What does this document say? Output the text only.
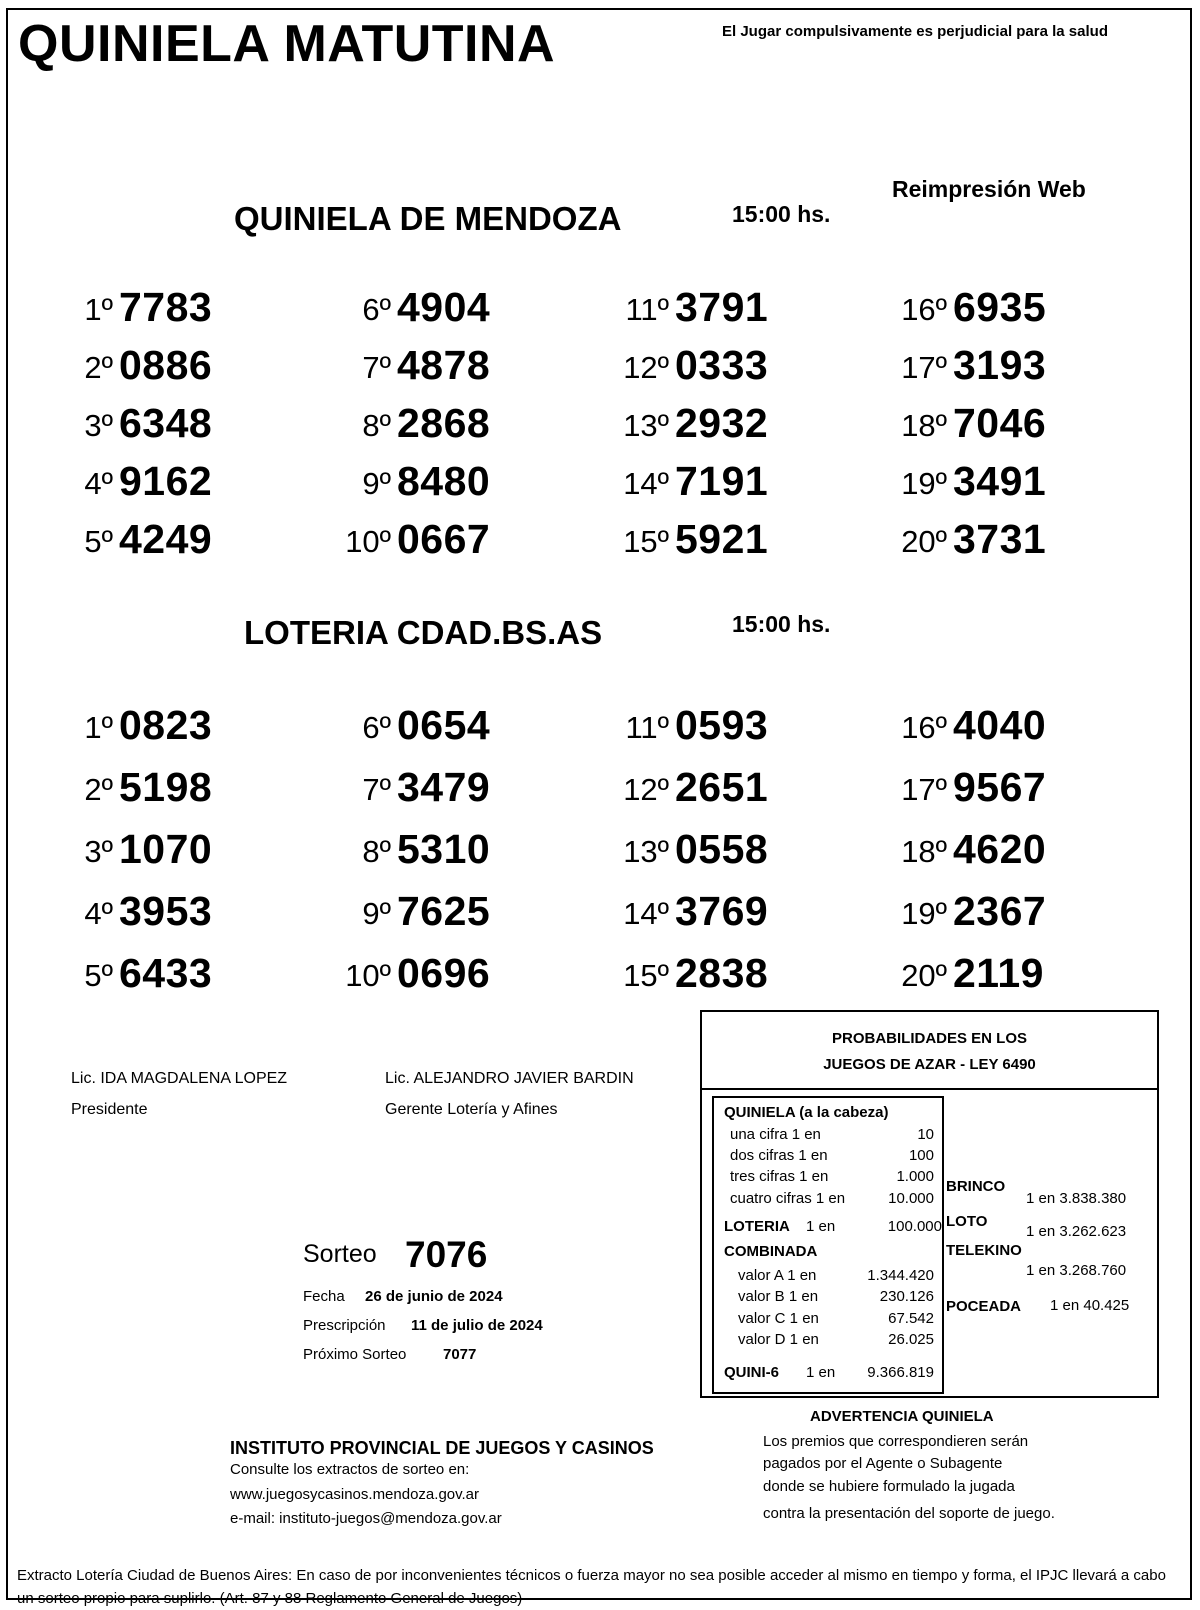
QUINIELA MATUTINA	El Jugar compulsivamente es perjudicial para la salud
Reimpresión Web
QUINIELA DE MENDOZA	15:00 hs.
1º 7783
2º 0886
3º 6348
4º 9162
5º 4249
6º 4904
7º 4878
8º 2868
9º 8480
10º 0667
11º 3791
12º 0333
13º 2932
14º 7191
15º 5921
16º 6935
17º 3193
18º 7046
19º 3491
20º 3731
LOTERIA CDAD.BS.AS	15:00 hs.
1º 0823
2º 5198
3º 1070
4º 3953
5º 6433
6º 0654
7º 3479
8º 5310
9º 7625
10º 0696
11º 0593
12º 2651
13º 0558
14º 3769
15º 2838
16º 4040
17º 9567
18º 4620
19º 2367
20º 2119
Lic. IDA MAGDALENA LOPEZ
Presidente
Lic. ALEJANDRO JAVIER BARDIN
Gerente Lotería y Afines
Sorteo 7076
Fecha 26 de junio de 2024
Prescripción 11 de julio de 2024
Próximo Sorteo 7077
PROBABILIDADES EN LOS
JUEGOS DE AZAR - LEY 6490
QUINIELA (a la cabeza)
una cifra 1 en	10
dos cifras 1 en	100
tres cifras 1 en	1.000
cuatro cifras 1 en	10.000
LOTERIA 1 en	100.000
COMBINADA
valor A 1 en	1.344.420
valor B 1 en	230.126
valor C 1 en	67.542
valor D 1 en	26.025
QUINI-6 1 en 9.366.819
BRINCO
1 en 3.838.380
LOTO
1 en 3.262.623
TELEKINO
1 en 3.268.760
POCEADA 1 en 40.425
INSTITUTO PROVINCIAL DE JUEGOS Y CASINOS
Consulte los extractos de sorteo en:
www.juegosycasinos.mendoza.gov.ar
e-mail: instituto-juegos@mendoza.gov.ar
ADVERTENCIA QUINIELA
Los premios que correspondieren serán
pagados por el Agente o Subagente
donde se hubiere formulado la jugada
contra la presentación del soporte de juego.
Extracto Lotería Ciudad de Buenos Aires: En caso de por inconvenientes técnicos o fuerza mayor no sea posible acceder al mismo en tiempo y forma, el IPJC llevará a cabo un sorteo propio para suplirlo. (Art. 87 y 88 Reglamento General de Juegos)
